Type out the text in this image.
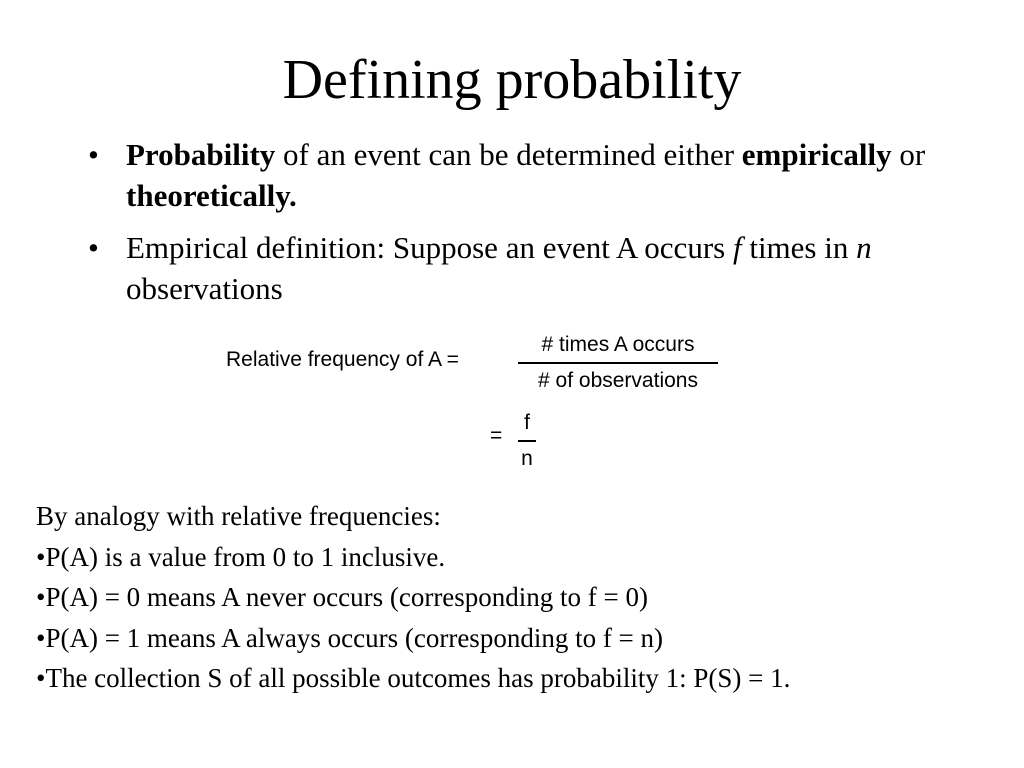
Defining probability
• Probability of an event can be determined either empirically or theoretically.
• Empirical definition: Suppose an event A occurs f times in n observations
Relative frequency of A =
# times A occurs
# of observations
=
f
n
By analogy with relative frequencies:
•P(A) is a value from 0 to 1 inclusive.
•P(A) = 0 means A never occurs (corresponding to f = 0)
•P(A) = 1 means A always occurs (corresponding to f = n)
•The collection S of all possible outcomes has probability 1: P(S) = 1.
